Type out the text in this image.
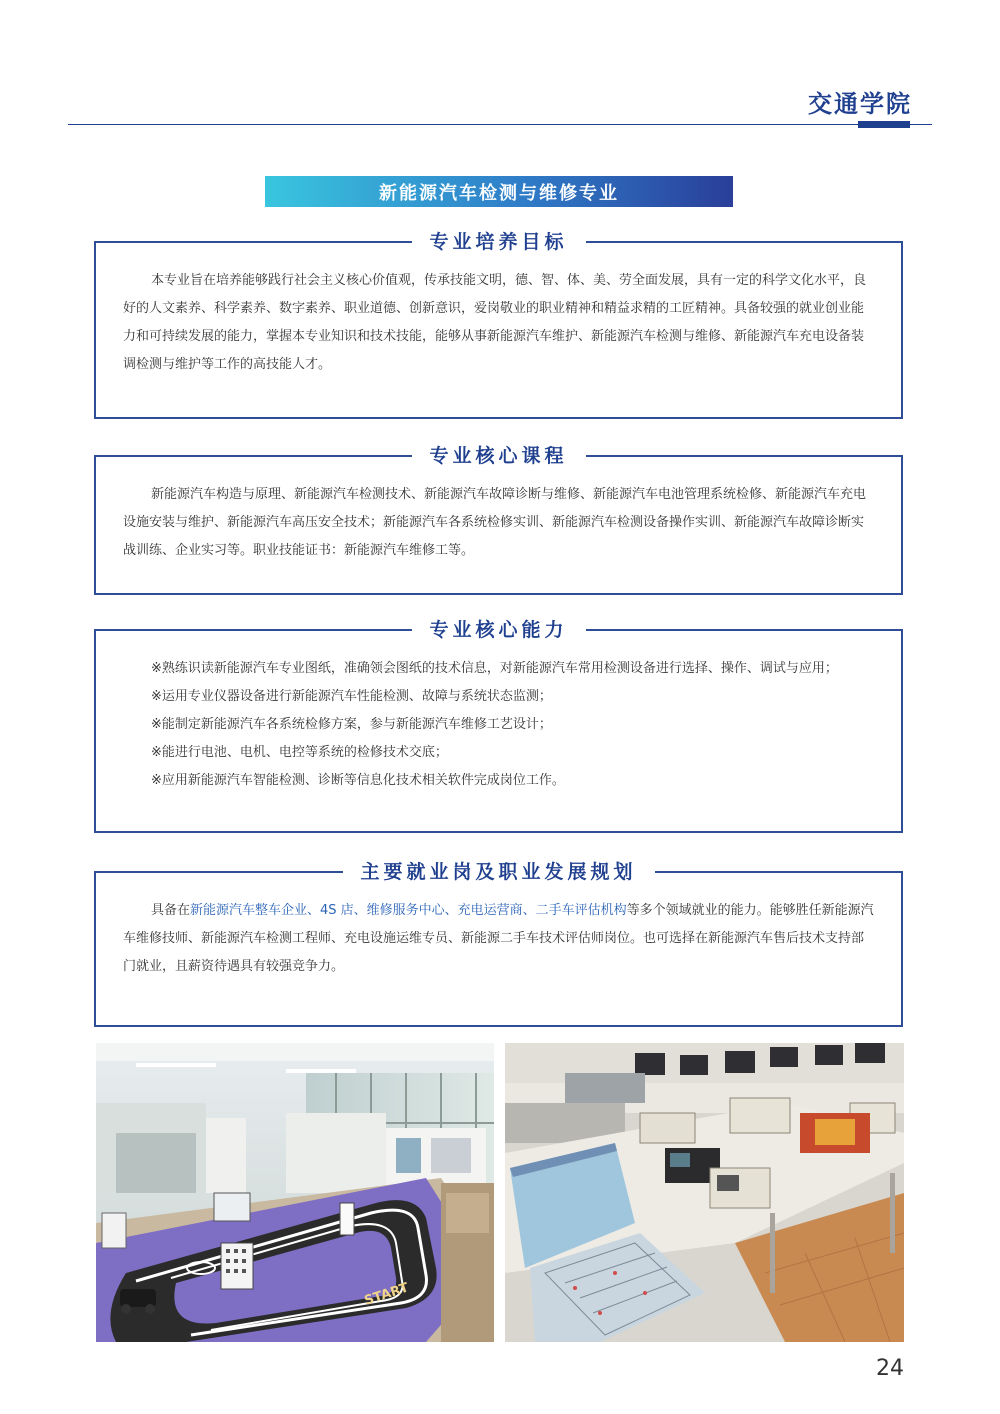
交通学院
新能源汽车检测与维修专业
专业培养目标

本专业旨在培养能够践行社会主义核心价值观，传承技能文明，德、智、体、美、劳全面发展，具有一定的科学文化水平，良好的人文素养、科学素养、数字素养、职业道德、创新意识，爱岗敬业的职业精神和精益求精的工匠精神。具备较强的就业创业能力和可持续发展的能力，掌握本专业知识和技术技能，能够从事新能源汽车维护、新能源汽车检测与维修、新能源汽车充电设备装调检测与维护等工作的高技能人才。

专业核心课程

新能源汽车构造与原理、新能源汽车检测技术、新能源汽车故障诊断与维修、新能源汽车电池管理系统检修、新能源汽车充电设施安装与维护、新能源汽车高压安全技术；新能源汽车各系统检修实训、新能源汽车检测设备操作实训、新能源汽车故障诊断实战训练、企业实习等。职业技能证书：新能源汽车维修工等。

专业核心能力

※熟练识读新能源汽车专业图纸，准确领会图纸的技术信息，对新能源汽车常用检测设备进行选择、操作、调试与应用；

※运用专业仪器设备进行新能源汽车性能检测、故障与系统状态监测；

※能制定新能源汽车各系统检修方案，参与新能源汽车维修工艺设计；

※能进行电池、电机、电控等系统的检修技术交底；

※应用新能源汽车智能检测、诊断等信息化技术相关软件完成岗位工作。

主要就业岗及职业发展规划

具备在新能源汽车整车企业、4S 店、维修服务中心、充电运营商、二手车评估机构等多个领域就业的能力。能够胜任新能源汽车维修技师、新能源汽车检测工程师、充电设施运维专员、新能源二手车技术评估师岗位。也可选择在新能源汽车售后技术支持部门就业，且薪资待遇具有较强竞争力。

START
24
